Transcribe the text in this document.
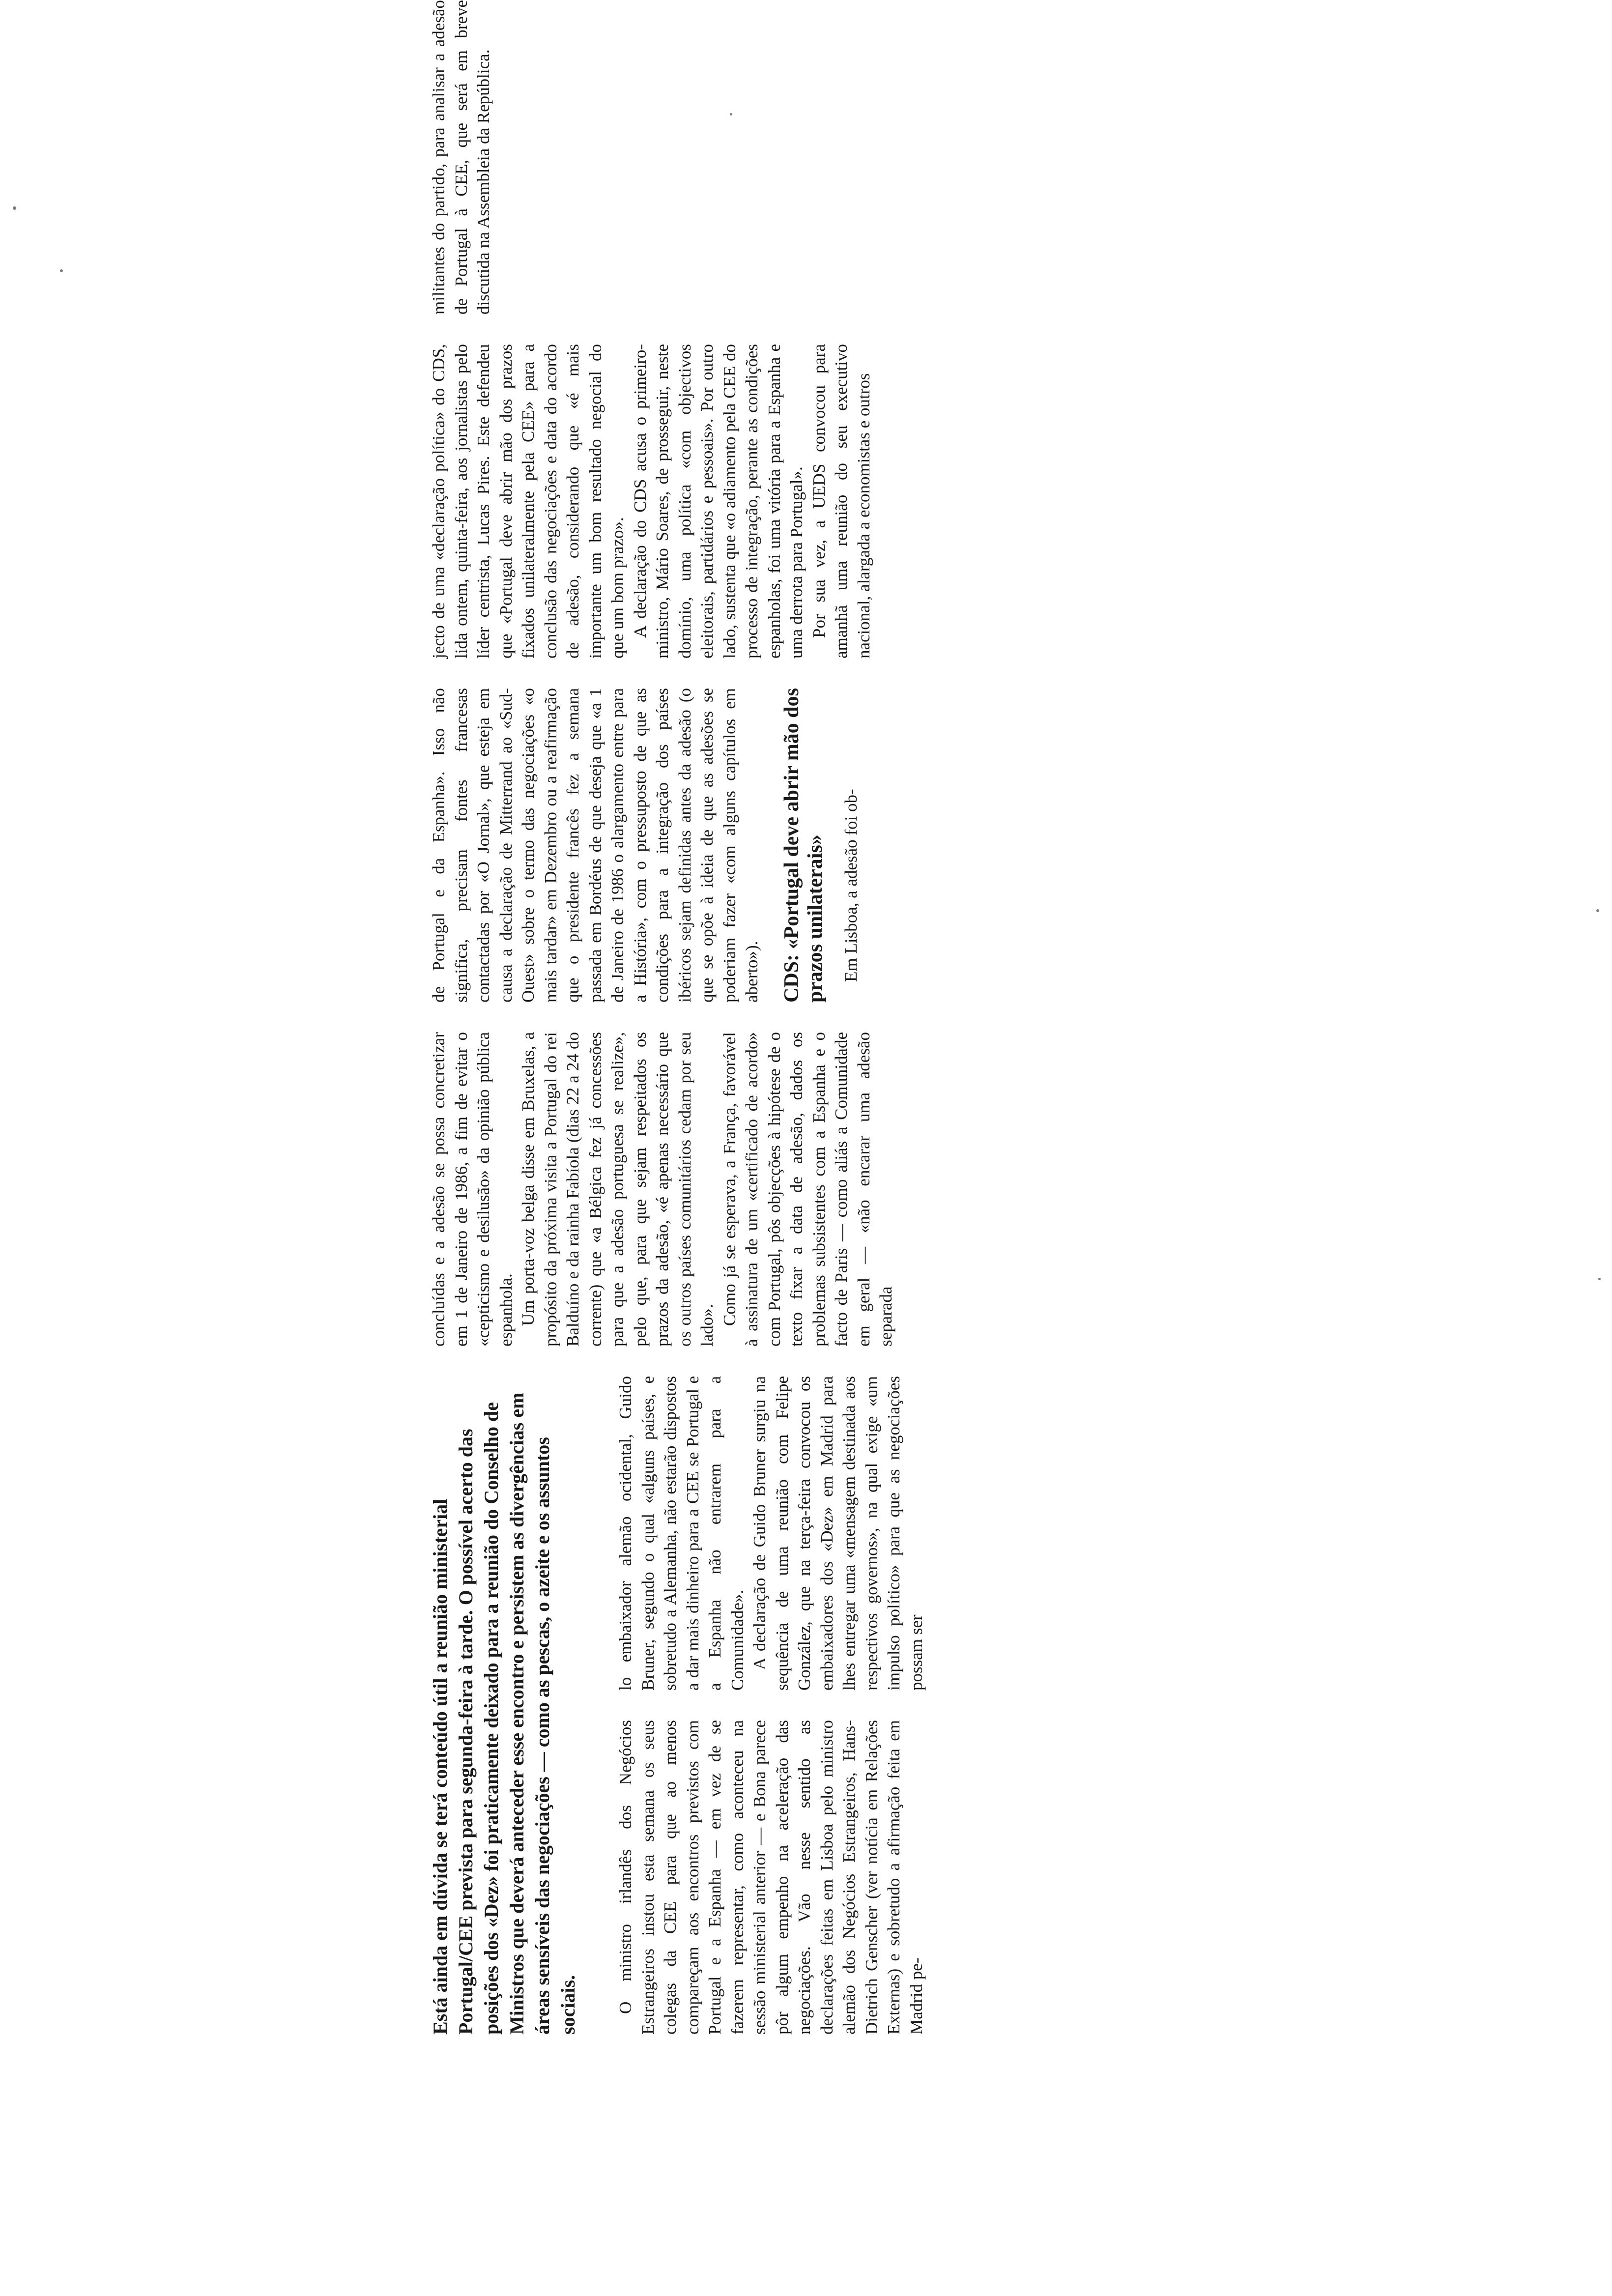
Está ainda em dúvida se terá conteúdo útil a reunião ministerial Portugal/CEE prevista para segunda-feira à tarde. O possível acerto das posições dos «Dez» foi praticamente deixado para a reunião do Conselho de Ministros que deverá anteceder esse encontro e persistem as divergências em áreas sensíveis das negociações — como as pescas, o azeite e os assuntos sociais.	O ministro irlandês dos Negócios Estrangeiros instou esta semana os seus colegas da CEE para que ao menos compareçam aos encontros previstos com Portugal e a Espanha — em vez de se fazerem representar, como aconteceu na sessão ministerial anterior — e Bona parece pôr algum empenho na aceleração das negociações. Vão nesse sentido as declarações feitas em Lisboa pelo ministro alemão dos Negócios Estrangeiros, Hans-Dietrich Genscher (ver notícia em Relações Externas) e sobretudo a afirmação feita em Madrid pe-

lo embaixador alemão ocidental, Guido Bruner, segundo o qual «alguns países, e sobretudo a Alemanha, não estarão dispostos a dar mais dinheiro para a CEE se Portugal e a Espanha não entrarem para a Comunidade». A declaração de Guido Bruner surgiu na sequência de uma reunião com Felipe González, que na terça-feira convocou os embaixadores dos «Dez» em Madrid para lhes entregar uma «mensagem destinada aos respectivos governos», na qual exige «um impulso político» para que as negociações possam ser

concluídas e a adesão se possa concretizar em 1 de Janeiro de 1986, a fim de evitar o «cepticismo e desilusão» da opinião pública espanhola. Um porta-voz belga disse em Bruxelas, a propósito da próxima visita a Portugal do rei Balduíno e da rainha Fabíola (dias 22 a 24 do corrente) que «a Bélgica fez já concessões para que a adesão portuguesa se realize», pelo que, para que sejam respeitados os prazos da adesão, «é apenas necessário que os outros países comunitários cedam por seu lado». Como já se esperava, a França, favorável à assinatura de um «certificado de acordo» com Portugal, pôs objecções à hipótese de o texto fixar a data de adesão, dados os problemas subsistentes com a Espanha e o facto de Paris — como aliás a Comunidade em geral — «não encarar uma adesão separada

de Portugal e da Espanha». Isso não significa, precisam fontes francesas contactadas por «O Jornal», que esteja em causa a declaração de Mitterrand ao «Sud-Ouest» sobre o termo das negociações «o mais tardar» em Dezembro ou a reafirmação que o presidente francês fez a semana passada em Bordéus de que deseja que «a 1 de Janeiro de 1986 o alargamento entre para a História», com o pressuposto de que as condições para a integração dos países ibéricos sejam definidas antes da adesão (o que se opõe à ideia de que as adesões se poderiam fazer «com alguns capítulos em aberto»). CDS: «Portugal deve abrir mão dos prazos unilaterais» Em Lisboa, a adesão foi ob-

jecto de uma «declaração política» do CDS, lida ontem, quinta-feira, aos jornalistas pelo líder centrista, Lucas Pires. Este defendeu que «Portugal deve abrir mão dos prazos fixados unilateralmente pela CEE» para a conclusão das negociações e data do acordo de adesão, considerando que «é mais importante um bom resultado negocial do que um bom prazo». A declaração do CDS acusa o primeiro-ministro, Mário Soares, de prosseguir, neste domínio, uma política «com objectivos eleitorais, partidários e pessoais». Por outro lado, sustenta que «o adiamento pela CEE do processo de integração, perante as condições espanholas, foi uma vitória para a Espanha e uma derrota para Portugal». Por sua vez, a UEDS convocou para amanhã uma reunião do seu executivo nacional, alargada a economistas e outros

militantes do partido, para analisar a adesão de Portugal à CEE, que será em breve discutida na Assembleia da República.
